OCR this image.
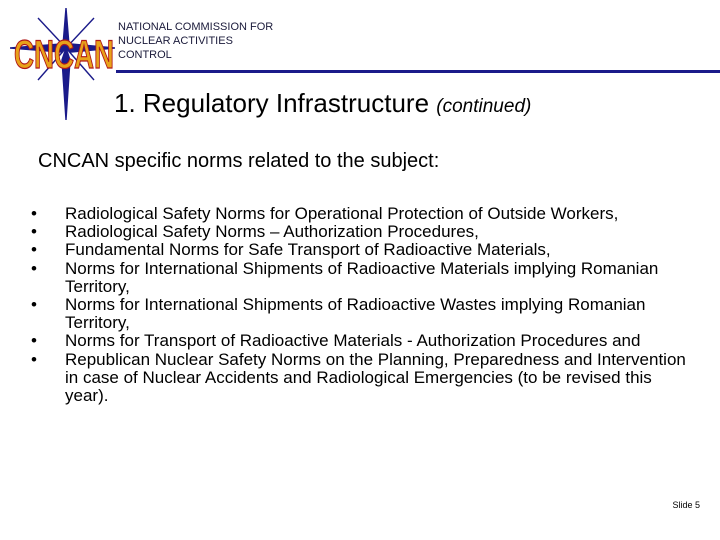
CNCAN
NATIONAL COMMISSION FOR
NUCLEAR ACTIVITIES
CONTROL
1. Regulatory Infrastructure (continued)
CNCAN specific norms related to the subject:
• Radiological Safety Norms for Operational Protection of Outside Workers,
• Radiological Safety Norms – Authorization Procedures,
• Fundamental Norms for Safe Transport of Radioactive Materials,
• Norms for International Shipments of Radioactive Materials implying Romanian Territory,
• Norms for International Shipments of Radioactive Wastes implying Romanian Territory,
• Norms for Transport of Radioactive Materials - Authorization Procedures and
• Republican Nuclear Safety Norms on the Planning, Preparedness and Intervention in case of Nuclear Accidents and Radiological Emergencies (to be revised this year).
Slide 5
